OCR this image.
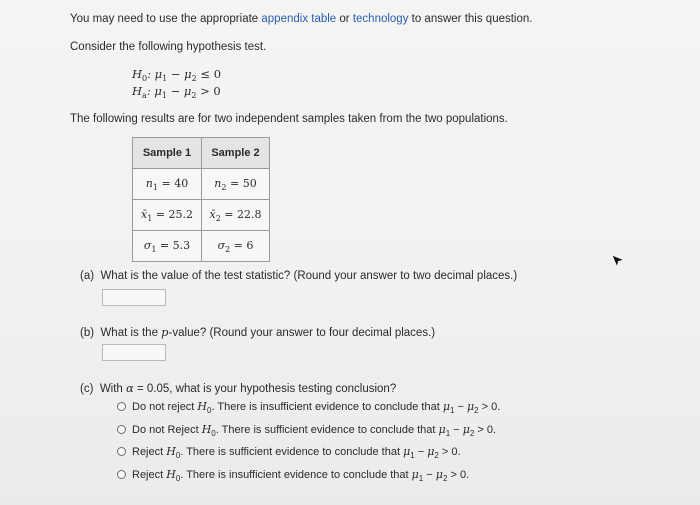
You may need to use the appropriate appendix table or technology to answer this question.
Consider the following hypothesis test.
$H_0$: $\mu_1 - \mu_2 \le 0$
$H_a$: $\mu_1 - \mu_2 > 0$
The following results are for two independent samples taken from the two populations.
Sample 1	Sample 2
$n_1 = 40$	$n_2 = 50$
$x̄_1 = 25.2$	$x̄_2 = 22.8$
$\sigma_1 = 5.3$	$\sigma_2 = 6$
(a) What is the value of the test statistic? (Round your answer to two decimal places.)
(b) What is the p-value? (Round your answer to four decimal places.)
(c) With α = 0.05, what is your hypothesis testing conclusion?
Do not reject $H_0$. There is insufficient evidence to conclude that $\mu_1 - \mu_2 > 0$.
Do not Reject $H_0$. There is sufficient evidence to conclude that $\mu_1 - \mu_2 > 0$.
Reject $H_0$. There is sufficient evidence to conclude that $\mu_1 - \mu_2 > 0$.
Reject $H_0$. There is insufficient evidence to conclude that $\mu_1 - \mu_2 > 0$.
